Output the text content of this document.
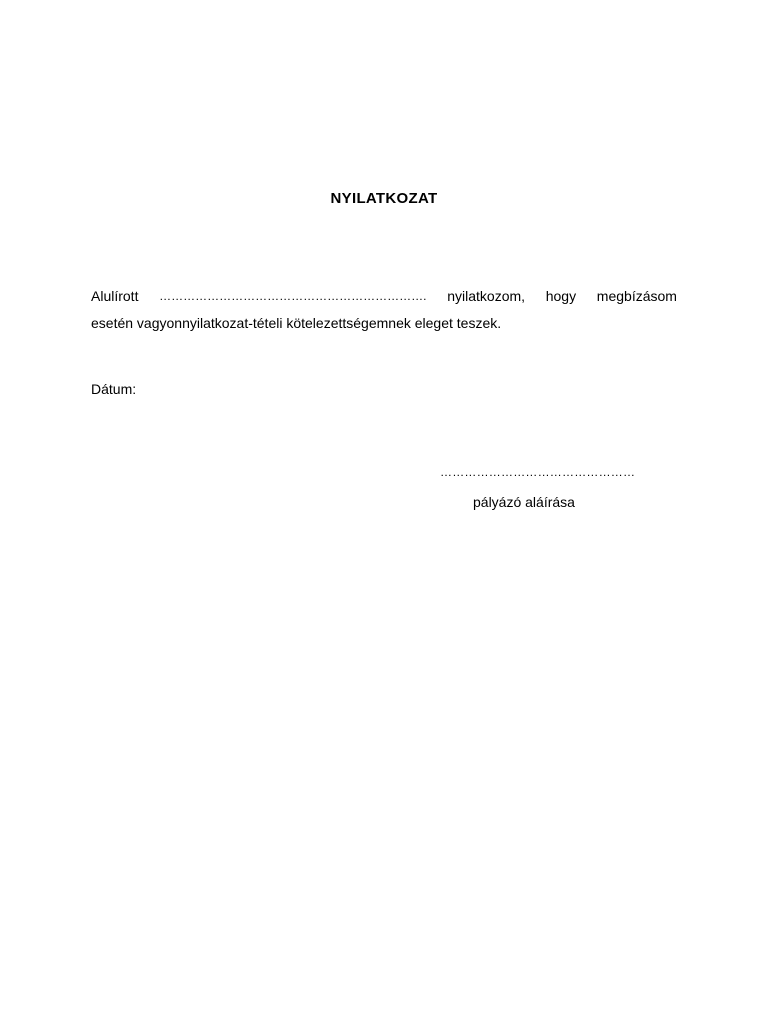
NYILATKOZAT
Alulírott …………………………………………………………. nyilatkozom, hogy megbízásom
esetén vagyonnyilatkozat-tételi kötelezettségemnek eleget teszek.
Dátum:
…………………………………………
pályázó aláírása
